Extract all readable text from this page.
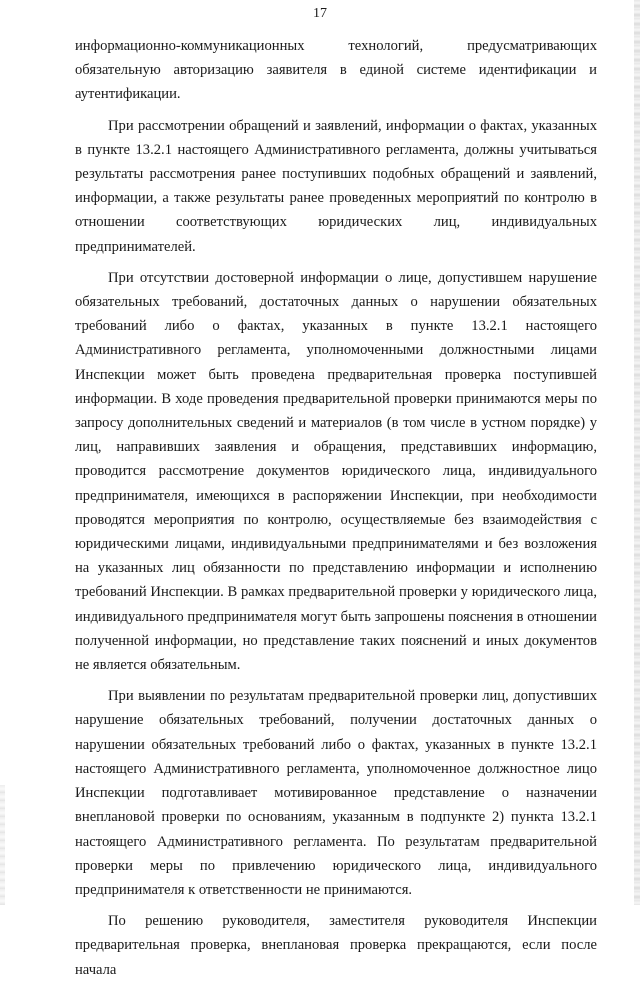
17

информационно-коммуникационных технологий, предусматривающих обязательную авторизацию заявителя в единой системе идентификации и аутентификации.

При рассмотрении обращений и заявлений, информации о фактах, указанных в пункте 13.2.1 настоящего Административного регламента, должны учитываться результаты рассмотрения ранее поступивших подобных обращений и заявлений, информации, а также результаты ранее проведенных мероприятий по контролю в отношении соответствующих юридических лиц, индивидуальных предпринимателей.

При отсутствии достоверной информации о лице, допустившем нарушение обязательных требований, достаточных данных о нарушении обязательных требований либо о фактах, указанных в пункте 13.2.1 настоящего Административного регламента, уполномоченными должностными лицами Инспекции может быть проведена предварительная проверка поступившей информации. В ходе проведения предварительной проверки принимаются меры по запросу дополнительных сведений и материалов (в том числе в устном порядке) у лиц, направивших заявления и обращения, представивших информацию, проводится рассмотрение документов юридического лица, индивидуального предпринимателя, имеющихся в распоряжении Инспекции, при необходимости проводятся мероприятия по контролю, осуществляемые без взаимодействия с юридическими лицами, индивидуальными предпринимателями и без возложения на указанных лиц обязанности по представлению информации и исполнению требований Инспекции. В рамках предварительной проверки у юридического лица, индивидуального предпринимателя могут быть запрошены пояснения в отношении полученной информации, но представление таких пояснений и иных документов не является обязательным.

При выявлении по результатам предварительной проверки лиц, допустивших нарушение обязательных требований, получении достаточных данных о нарушении обязательных требований либо о фактах, указанных в пункте 13.2.1 настоящего Административного регламента, уполномоченное должностное лицо Инспекции подготавливает мотивированное представление о назначении внеплановой проверки по основаниям, указанным в подпункте 2) пункта 13.2.1 настоящего Административного регламента. По результатам предварительной проверки меры по привлечению юридического лица, индивидуального предпринимателя к ответственности не принимаются.

По решению руководителя, заместителя руководителя Инспекции предварительная проверка, внеплановая проверка прекращаются, если после начала
